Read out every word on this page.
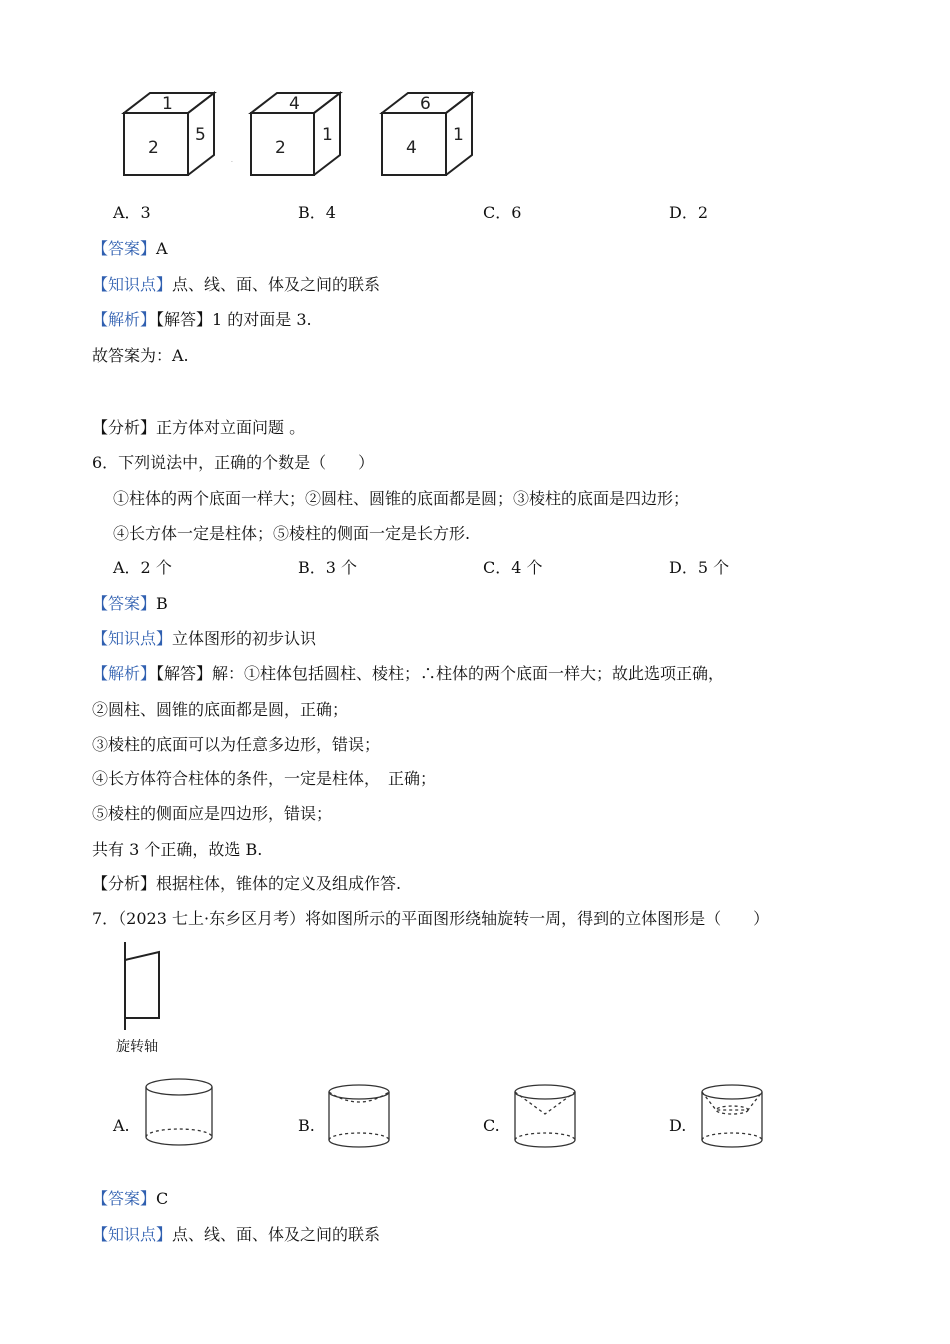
1
2
5
·
4
2
1
6
4
1
A．3	B．4	C．6	D．2
【答案】A
【知识点】点、线、面、体及之间的联系
【解析】【解答】1 的对面是 3.
故答案为：A.
【分析】正方体对立面问题 。
6．下列说法中，正确的个数是（　　）
①柱体的两个底面一样大；②圆柱、圆锥的底面都是圆；③棱柱的底面是四边形；
④长方体一定是柱体；⑤棱柱的侧面一定是长方形.
A．2 个	B．3 个	C．4 个	D．5 个
【答案】B
【知识点】立体图形的初步认识
【解析】【解答】解：①柱体包括圆柱、棱柱；∴柱体的两个底面一样大；故此选项正确，
②圆柱、圆锥的底面都是圆，正确；
③棱柱的底面可以为任意多边形，错误；
④长方体符合柱体的条件，一定是柱体，　正确；
⑤棱柱的侧面应是四边形，错误；
共有 3 个正确，故选 B.
【分析】根据柱体，锥体的定义及组成作答.
7．（2023 七上·东乡区月考）将如图所示的平面图形绕轴旋转一周，得到的立体图形是（　　）
旋转轴
A.	B.	C.	D.
【答案】C
【知识点】点、线、面、体及之间的联系
